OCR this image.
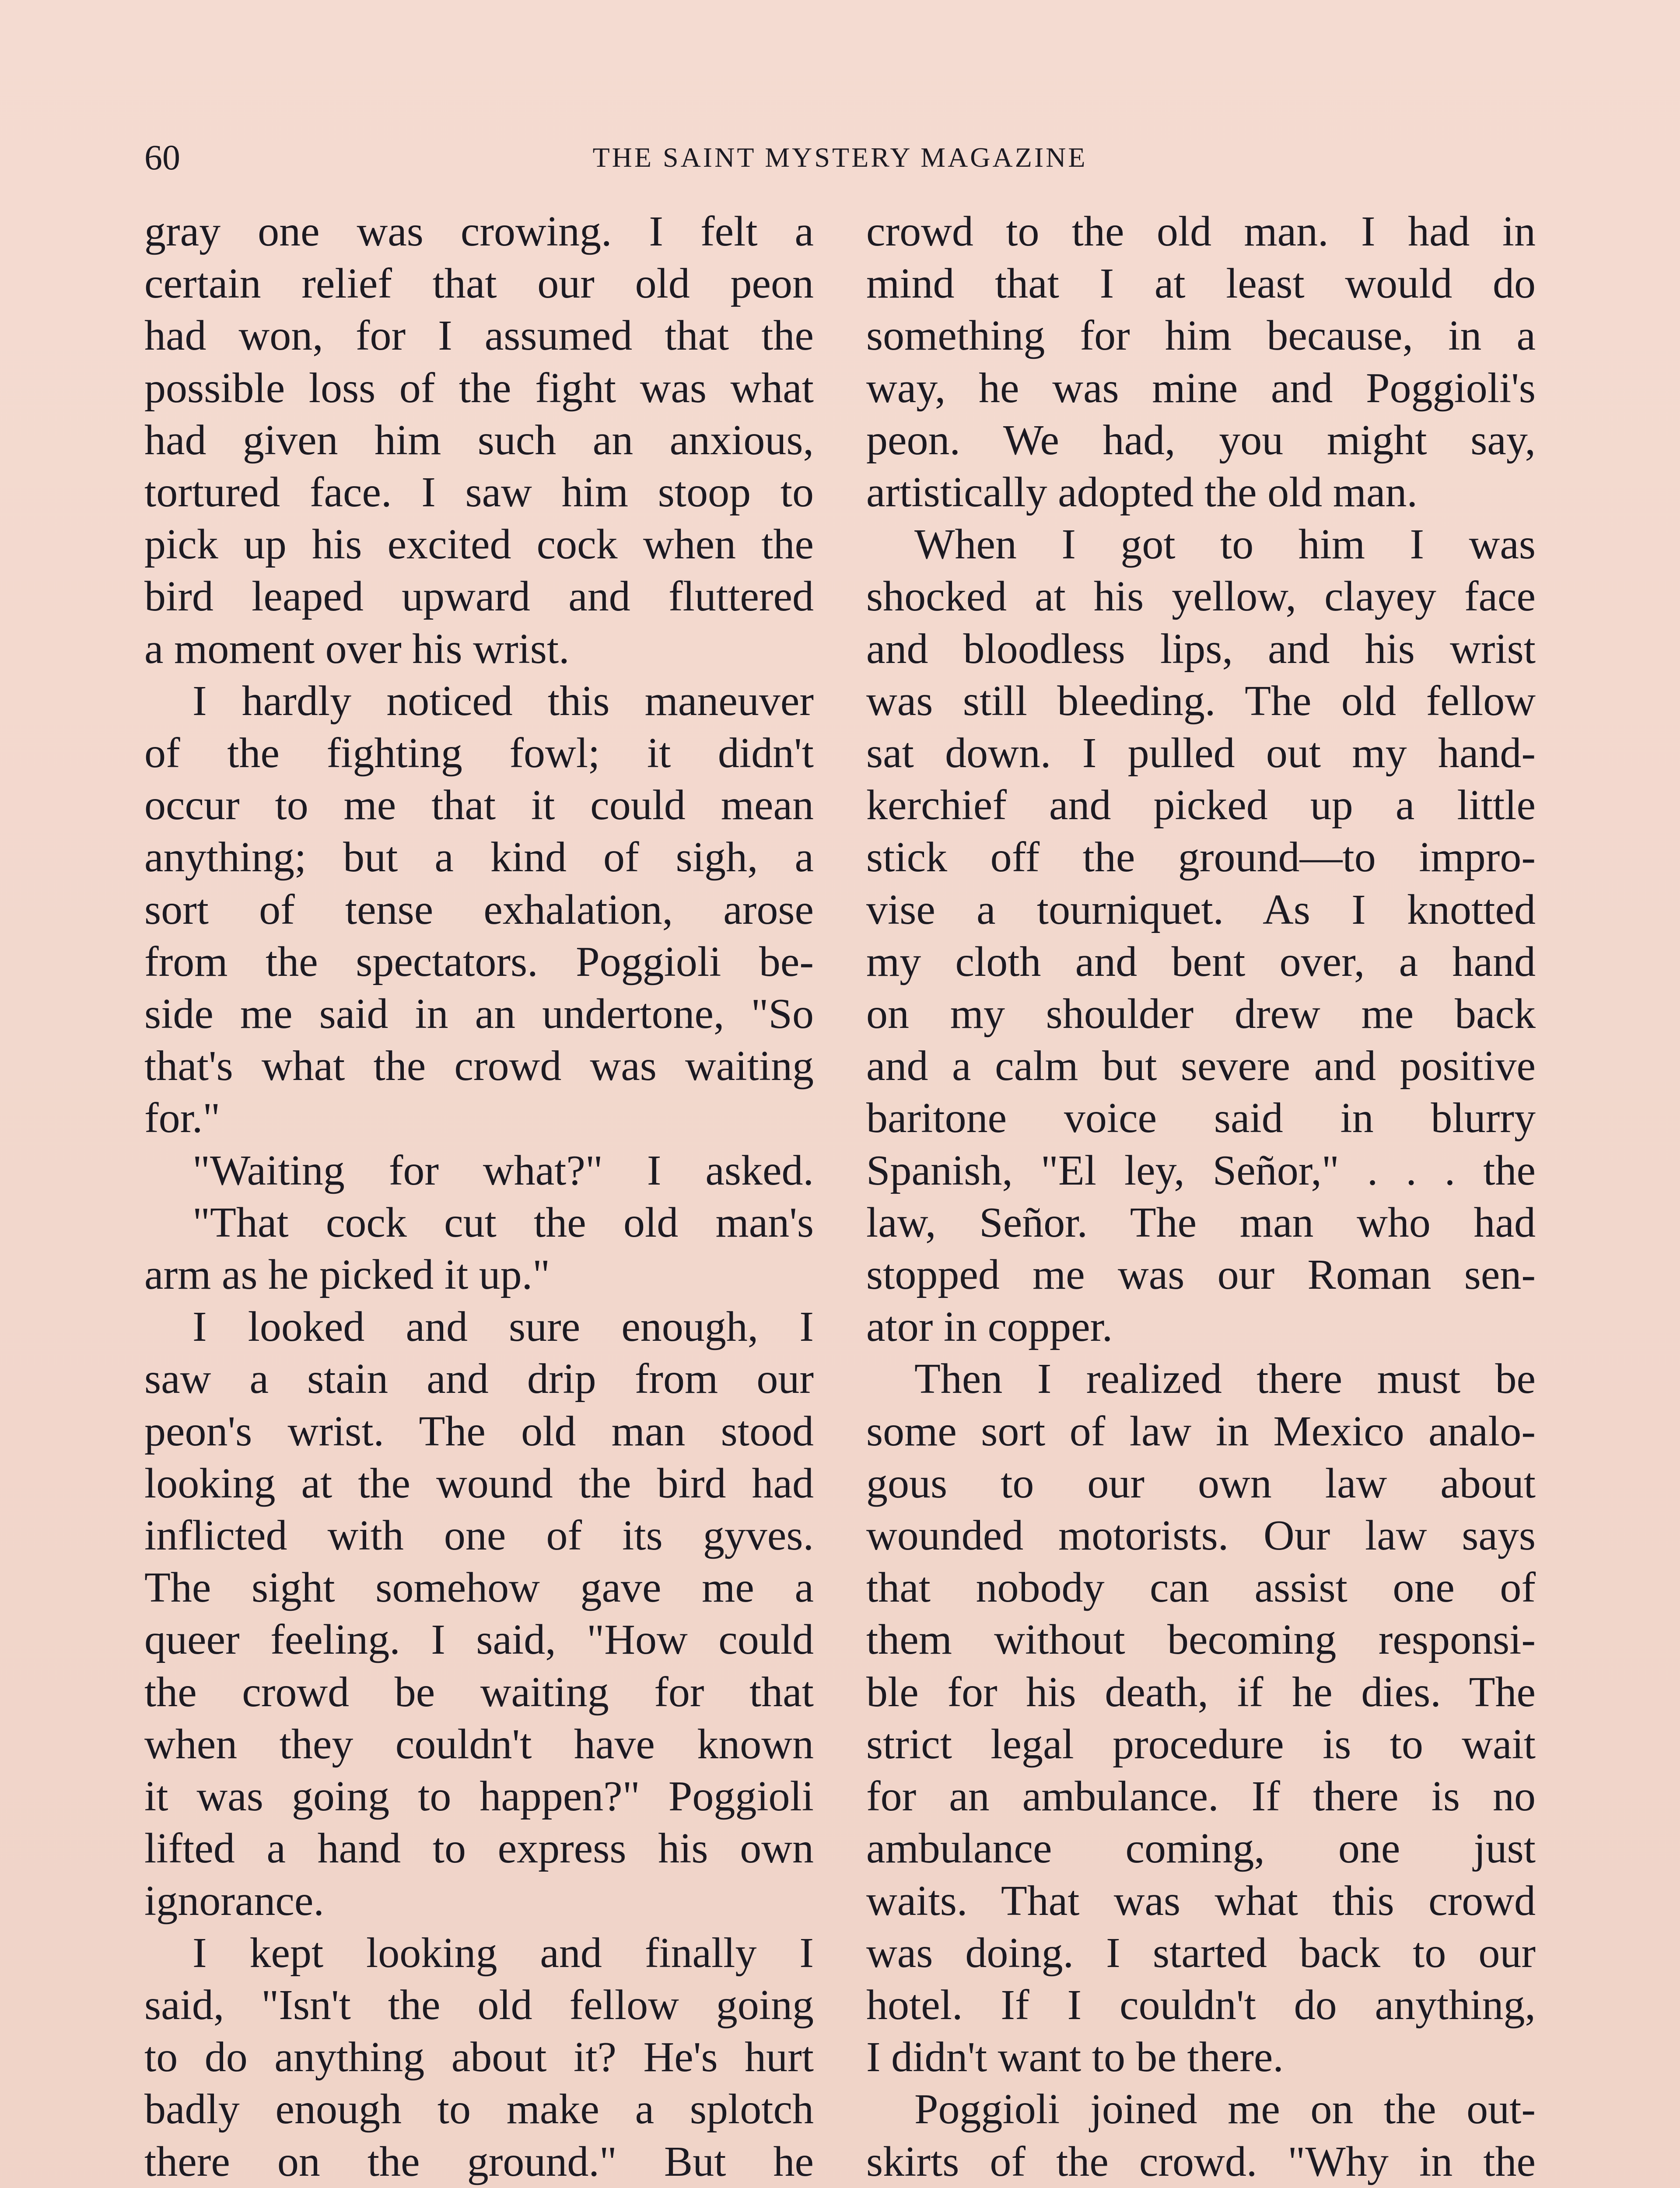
60	THE SAINT MYSTERY MAGAZINE

gray one was crowing. I felt a

certain relief that our old peon

had won, for I assumed that the

possible loss of the fight was what

had given him such an anxious,

tortured face. I saw him stoop to

pick up his excited cock when the

bird leaped upward and fluttered

a moment over his wrist.

I hardly noticed this maneuver

of the fighting fowl; it didn't

occur to me that it could mean

anything; but a kind of sigh, a

sort of tense exhalation, arose

from the spectators. Poggioli be-

side me said in an undertone, "So

that's what the crowd was waiting

for."

"Waiting for what?" I asked.

"That cock cut the old man's

arm as he picked it up."

I looked and sure enough, I

saw a stain and drip from our

peon's wrist. The old man stood

looking at the wound the bird had

inflicted with one of its gyves.

The sight somehow gave me a

queer feeling. I said, "How could

the crowd be waiting for that

when they couldn't have known

it was going to happen?" Poggioli

lifted a hand to express his own

ignorance.

I kept looking and finally I

said, "Isn't the old fellow going

to do anything about it? He's hurt

badly enough to make a splotch

there on the ground." But he

crowd to the old man. I had in

mind that I at least would do

something for him because, in a

way, he was mine and Poggioli's

peon. We had, you might say,

artistically adopted the old man.

When I got to him I was

shocked at his yellow, clayey face

and bloodless lips, and his wrist

was still bleeding. The old fellow

sat down. I pulled out my hand-

kerchief and picked up a little

stick off the ground—to impro-

vise a tourniquet. As I knotted

my cloth and bent over, a hand

on my shoulder drew me back

and a calm but severe and positive

baritone voice said in blurry

Spanish, "El ley, Señor," . . . the

law, Señor. The man who had

stopped me was our Roman sen-

ator in copper.

Then I realized there must be

some sort of law in Mexico analo-

gous to our own law about

wounded motorists. Our law says

that nobody can assist one of

them without becoming responsi-

ble for his death, if he dies. The

strict legal procedure is to wait

for an ambulance. If there is no

ambulance coming, one just

waits. That was what this crowd

was doing. I started back to our

hotel. If I couldn't do anything,

I didn't want to be there.

Poggioli joined me on the out-

skirts of the crowd. "Why in the
